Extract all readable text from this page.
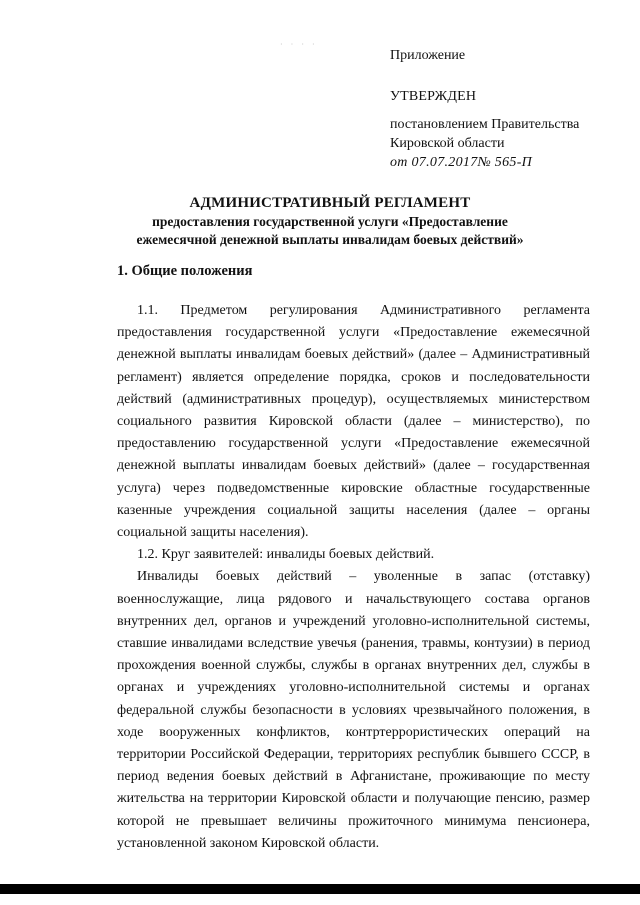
· · · ·
Приложение
УТВЕРЖДЕН
постановлением Правительства
Кировской области
от 07.07.2017№ 565-П
АДМИНИСТРАТИВНЫЙ РЕГЛАМЕНТ
предоставления государственной услуги «Предоставление
ежемесячной денежной выплаты инвалидам боевых действий»
1. Общие положения

1.1. Предметом регулирования Административного регламента предоставления государственной услуги «Предоставление ежемесячной денежной выплаты инвалидам боевых действий» (далее – Административный регламент) является определение порядка, сроков и последовательности действий (административных процедур), осуществляемых министерством социального развития Кировской области (далее – министерство), по предоставлению государственной услуги «Предоставление ежемесячной денежной выплаты инвалидам боевых действий» (далее – государственная услуга) через подведомственные кировские областные государственные казенные учреждения социальной защиты населения (далее – органы социальной защиты населения).

1.2. Круг заявителей: инвалиды боевых действий.

Инвалиды боевых действий – уволенные в запас (отставку) военнослужащие, лица рядового и начальствующего состава органов внутренних дел, органов и учреждений уголовно-исполнительной системы, ставшие инвалидами вследствие увечья (ранения, травмы, контузии) в период прохождения военной службы, службы в органах внутренних дел, службы в органах и учреждениях уголовно-исполнительной системы и органах федеральной службы безопасности в условиях чрезвычайного положения, в ходе вооруженных конфликтов, контртеррористических операций на территории Российской Федерации, территориях республик бывшего СССР, в период ведения боевых действий в Афганистане, проживающие по месту жительства на территории Кировской области и получающие пенсию, размер которой не превышает величины прожиточного минимума пенсионера, установленной законом Кировской области.
